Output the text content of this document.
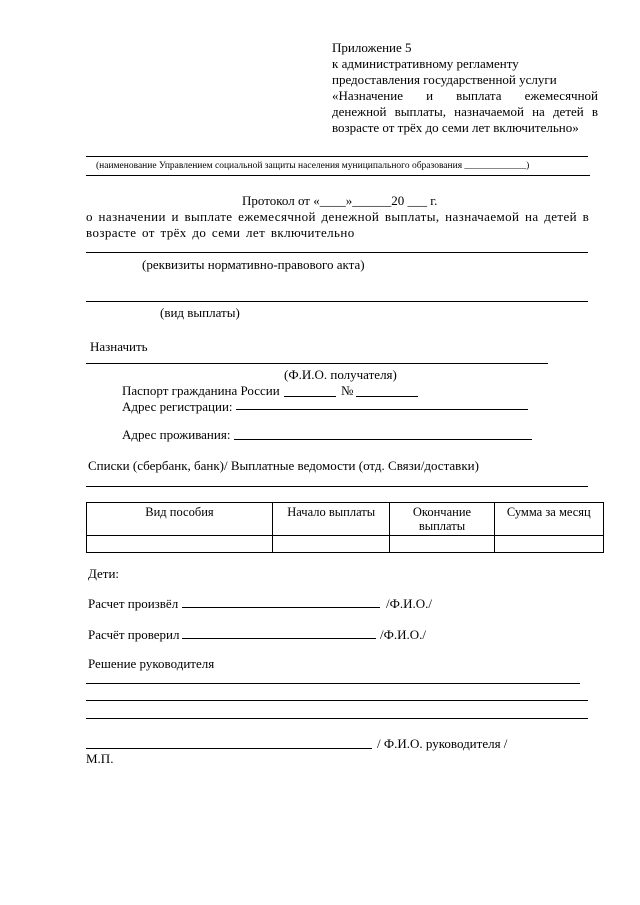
Приложение 5
к административному регламенту
предоставления государственной услуги
«Назначение и выплата ежемесячной
денежной выплаты, назначаемой на детей в
возрасте от трёх до семи лет включительно»
(наименование Управлением социальной защиты населения муниципального образования _____________)
Протокол от «____»______20 ___ г.
о назначении и выплате ежемесячной денежной выплаты, назначаемой на детей в
возрасте от трёх до семи лет включительно
(реквизиты нормативно-правового акта)
(вид выплаты)
Назначить
(Ф.И.О. получателя)
Паспорт гражданина России	№
Адрес регистрации:
Адрес проживания:
Списки (сбербанк, банк)/ Выплатные ведомости (отд. Связи/доставки)
Вид пособия	Начало выплаты	Окончание выплаты	Сумма за месяц

Дети:
Расчет произвёл	/Ф.И.О./
Расчёт проверил	/Ф.И.О./
Решение руководителя
/ Ф.И.О. руководителя /
М.П.
